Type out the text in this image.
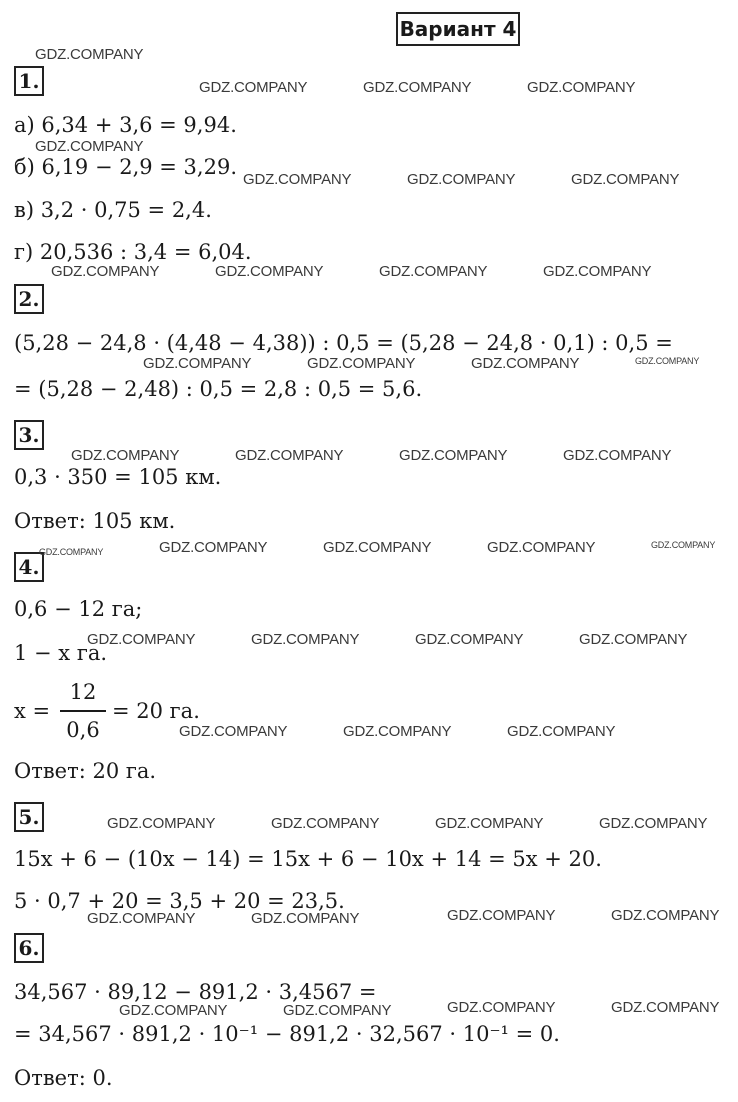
Вариант 4
1.
а) 6,34 + 3,6 = 9,94.
б) 6,19 − 2,9 = 3,29.
в) 3,2 · 0,75 = 2,4.
г) 20,536 : 3,4 = 6,04.
2.
(5,28 − 24,8 · (4,48 − 4,38)) : 0,5 = (5,28 − 24,8 · 0,1) : 0,5 =
= (5,28 − 2,48) : 0,5 = 2,8 : 0,5 = 5,6.
3.
0,3 · 350 = 105 км.
Ответ: 105 км.
4.
0,6 − 12 га;
1 − x га.
x =
12
0,6
= 20 га.
Ответ: 20 га.
5.
15x + 6 − (10x − 14) = 15x + 6 − 10x + 14 = 5x + 20.
5 · 0,7 + 20 = 3,5 + 20 = 23,5.
6.
34,567 · 89,12 − 891,2 · 3,4567 =
= 34,567 · 891,2 · 10⁻¹ − 891,2 · 32,567 · 10⁻¹ = 0.
Ответ: 0.
GDZ.COMPANY
GDZ.COMPANY	GDZ.COMPANY	GDZ.COMPANY
GDZ.COMPANY
GDZ.COMPANY	GDZ.COMPANY	GDZ.COMPANY
GDZ.COMPANY	GDZ.COMPANY	GDZ.COMPANY	GDZ.COMPANY
GDZ.COMPANY	GDZ.COMPANY	GDZ.COMPANY	GDZ.COMPANY
GDZ.COMPANY	GDZ.COMPANY	GDZ.COMPANY	GDZ.COMPANY
GDZ.COMPANY	GDZ.COMPANY	GDZ.COMPANY	GDZ.COMPANY	GDZ.COMPANY
GDZ.COMPANY	GDZ.COMPANY	GDZ.COMPANY	GDZ.COMPANY
GDZ.COMPANY	GDZ.COMPANY	GDZ.COMPANY
GDZ.COMPANY	GDZ.COMPANY	GDZ.COMPANY	GDZ.COMPANY
GDZ.COMPANY	GDZ.COMPANY	GDZ.COMPANY	GDZ.COMPANY
GDZ.COMPANY	GDZ.COMPANY	GDZ.COMPANY	GDZ.COMPANY
